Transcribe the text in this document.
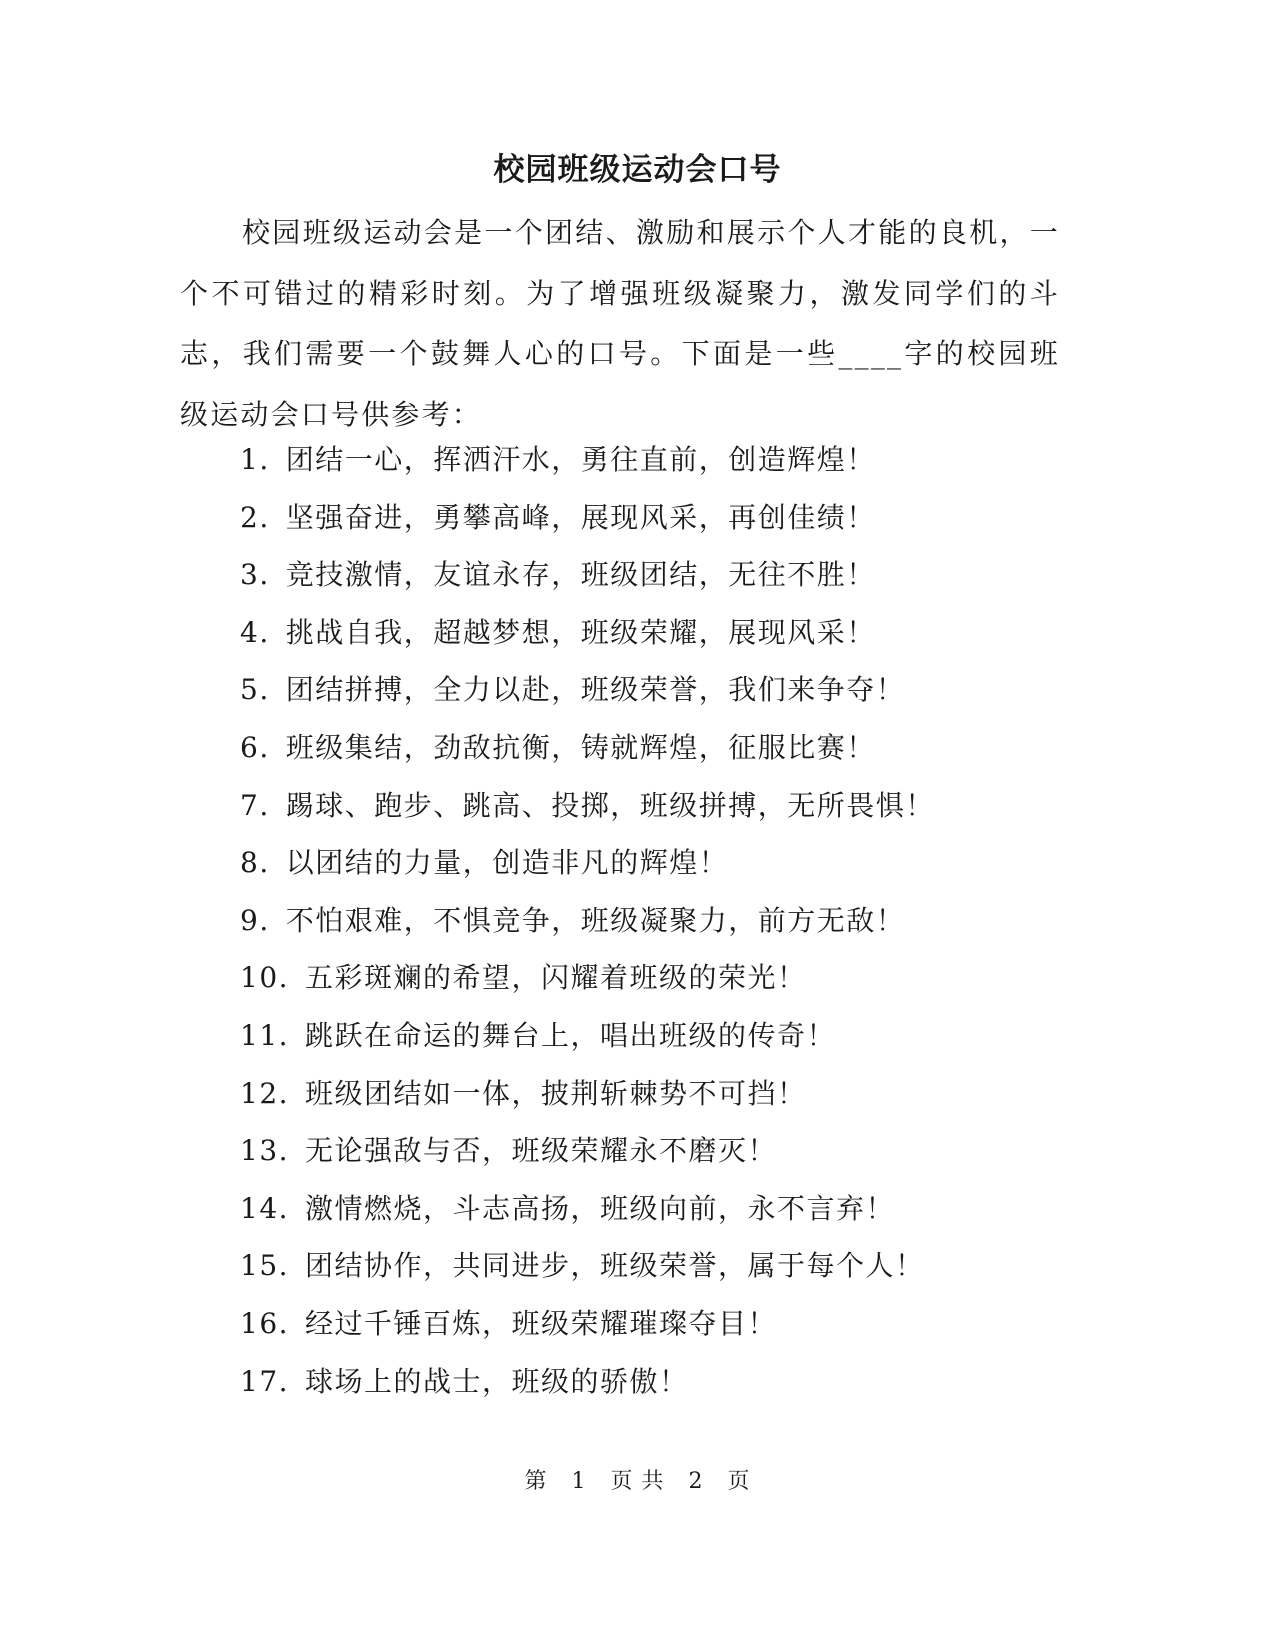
校园班级运动会口号

校园班级运动会是一个团结、激励和展示个人才能的良机，一个不可错过的精彩时刻。为了增强班级凝聚力，激发同学们的斗志，我们需要一个鼓舞人心的口号。下面是一些____字的校园班级运动会口号供参考：

1. 团结一心，挥洒汗水，勇往直前，创造辉煌！
2. 坚强奋进，勇攀高峰，展现风采，再创佳绩！
3. 竞技激情，友谊永存，班级团结，无往不胜！
4. 挑战自我，超越梦想，班级荣耀，展现风采！
5. 团结拼搏，全力以赴，班级荣誉，我们来争夺！
6. 班级集结，劲敌抗衡，铸就辉煌，征服比赛！
7. 踢球、跑步、跳高、投掷，班级拼搏，无所畏惧！
8. 以团结的力量，创造非凡的辉煌！
9. 不怕艰难，不惧竞争，班级凝聚力，前方无敌！
10. 五彩斑斓的希望，闪耀着班级的荣光！
11. 跳跃在命运的舞台上，唱出班级的传奇！
12. 班级团结如一体，披荆斩棘势不可挡！
13. 无论强敌与否，班级荣耀永不磨灭！
14. 激情燃烧，斗志高扬，班级向前，永不言弃！
15. 团结协作，共同进步，班级荣誉，属于每个人！
16. 经过千锤百炼，班级荣耀璀璨夺目！
17. 球场上的战士，班级的骄傲！
第 1 页 共 2 页
